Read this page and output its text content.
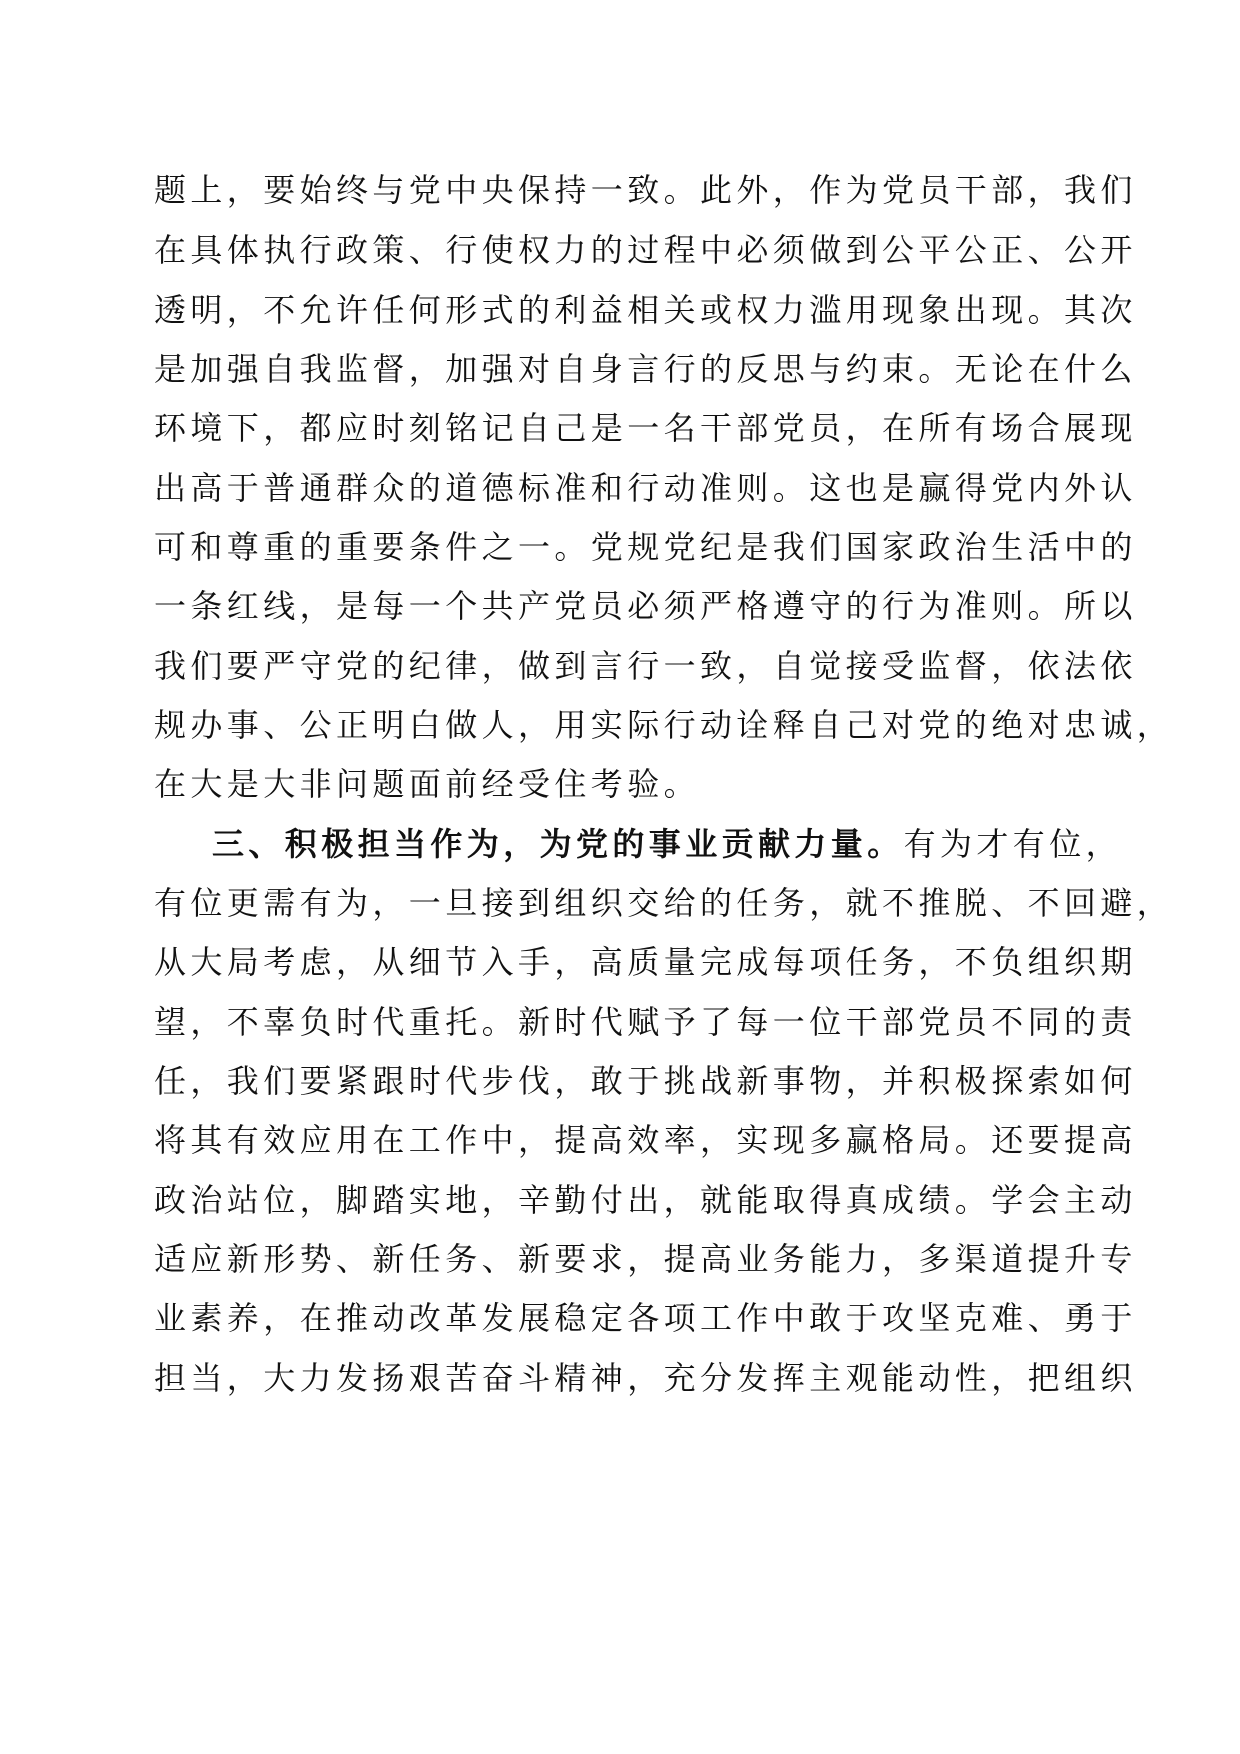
题上，要始终与党中央保持一致。此外，作为党员干部，我们
在具体执行政策、行使权力的过程中必须做到公平公正、公开
透明，不允许任何形式的利益相关或权力滥用现象出现。其次
是加强自我监督，加强对自身言行的反思与约束。无论在什么
环境下，都应时刻铭记自己是一名干部党员，在所有场合展现
出高于普通群众的道德标准和行动准则。这也是赢得党内外认
可和尊重的重要条件之一。党规党纪是我们国家政治生活中的
一条红线，是每一个共产党员必须严格遵守的行为准则。所以
我们要严守党的纪律，做到言行一致，自觉接受监督，依法依
规办事、公正明白做人，用实际行动诠释自己对党的绝对忠诚，
在大是大非问题面前经受住考验。
三、积极担当作为，为党的事业贡献力量。有为才有位，
有位更需有为，一旦接到组织交给的任务，就不推脱、不回避，
从大局考虑，从细节入手，高质量完成每项任务，不负组织期
望，不辜负时代重托。新时代赋予了每一位干部党员不同的责
任，我们要紧跟时代步伐，敢于挑战新事物，并积极探索如何
将其有效应用在工作中，提高效率，实现多赢格局。还要提高
政治站位，脚踏实地，辛勤付出，就能取得真成绩。学会主动
适应新形势、新任务、新要求，提高业务能力，多渠道提升专
业素养，在推动改革发展稳定各项工作中敢于攻坚克难、勇于
担当，大力发扬艰苦奋斗精神，充分发挥主观能动性，把组织
